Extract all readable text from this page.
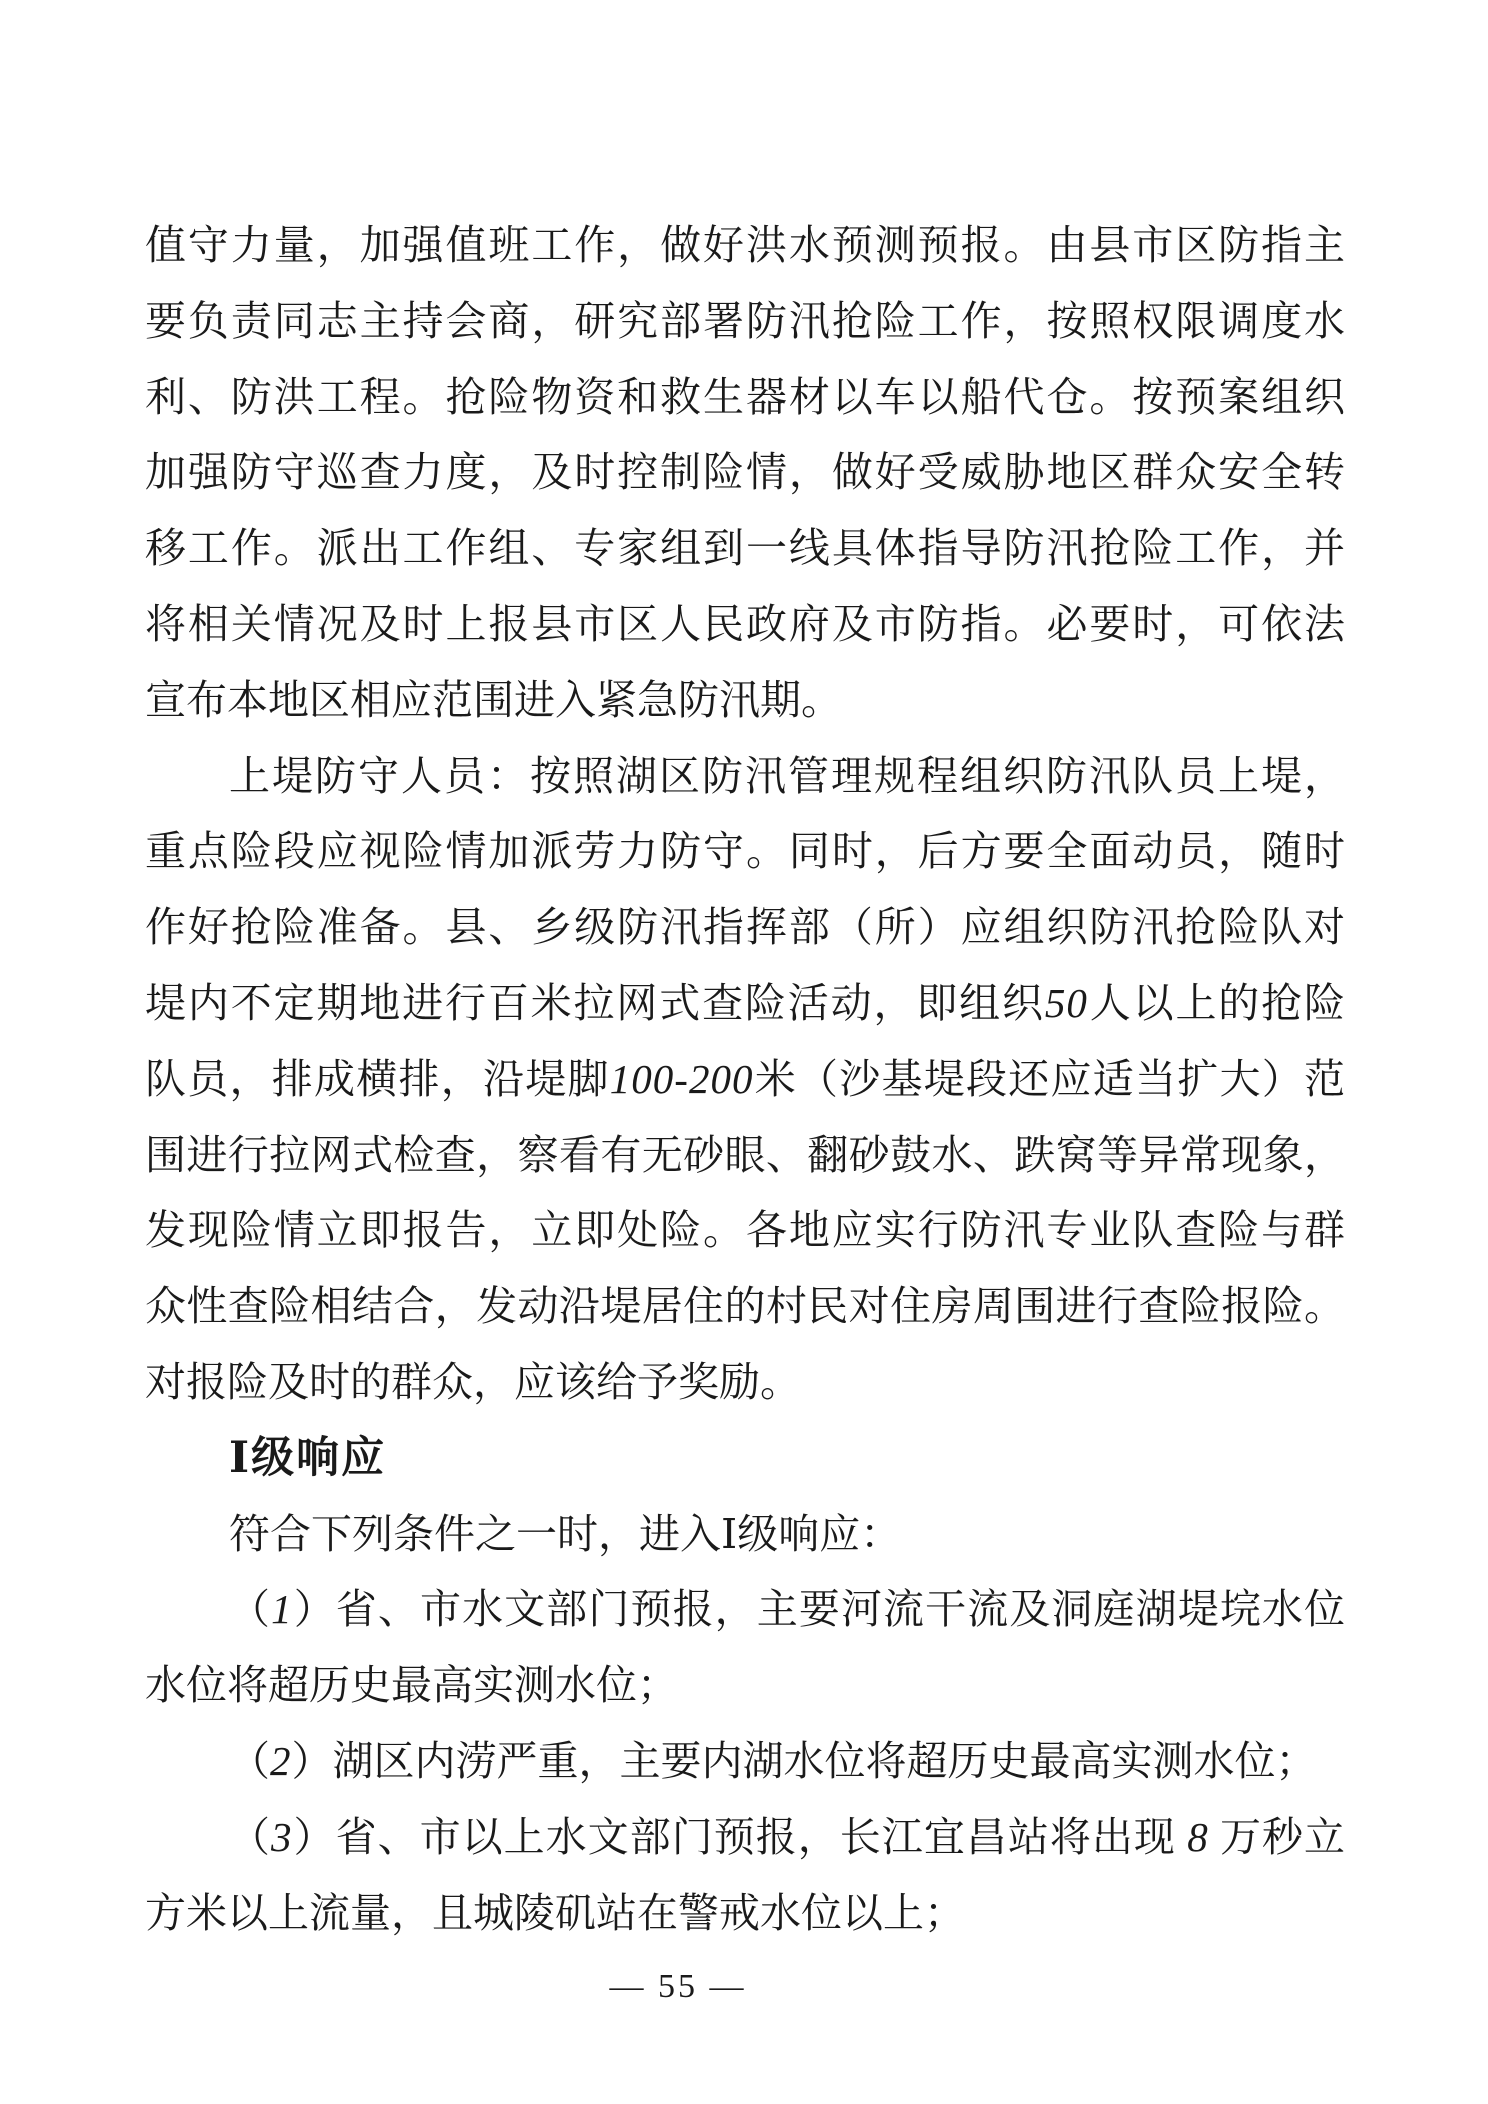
值守力量，加强值班工作，做好洪水预测预报。由县市区防指主
要负责同志主持会商，研究部署防汛抢险工作，按照权限调度水
利、防洪工程。抢险物资和救生器材以车以船代仓。按预案组织
加强防守巡查力度，及时控制险情，做好受威胁地区群众安全转
移工作。派出工作组、专家组到一线具体指导防汛抢险工作，并
将相关情况及时上报县市区人民政府及市防指。必要时，可依法
宣布本地区相应范围进入紧急防汛期。
上堤防守人员：按照湖区防汛管理规程组织防汛队员上堤，
重点险段应视险情加派劳力防守。同时，后方要全面动员，随时
作好抢险准备。县、乡级防汛指挥部（所）应组织防汛抢险队对
堤内不定期地进行百米拉网式查险活动，即组织50人以上的抢险
队员，排成横排，沿堤脚100-200米（沙基堤段还应适当扩大）范
围进行拉网式检查，察看有无砂眼、翻砂鼓水、跌窝等异常现象，
发现险情立即报告，立即处险。各地应实行防汛专业队查险与群
众性查险相结合，发动沿堤居住的村民对住房周围进行查险报险。
对报险及时的群众，应该给予奖励。
Ⅰ级响应
符合下列条件之一时，进入Ⅰ级响应：
（1）省、市水文部门预报，主要河流干流及洞庭湖堤垸水位
水位将超历史最高实测水位；
（2）湖区内涝严重，主要内湖水位将超历史最高实测水位；
（3）省、市以上水文部门预报，长江宜昌站将出现 8 万秒立
方米以上流量，且城陵矶站在警戒水位以上；
— 55 —
